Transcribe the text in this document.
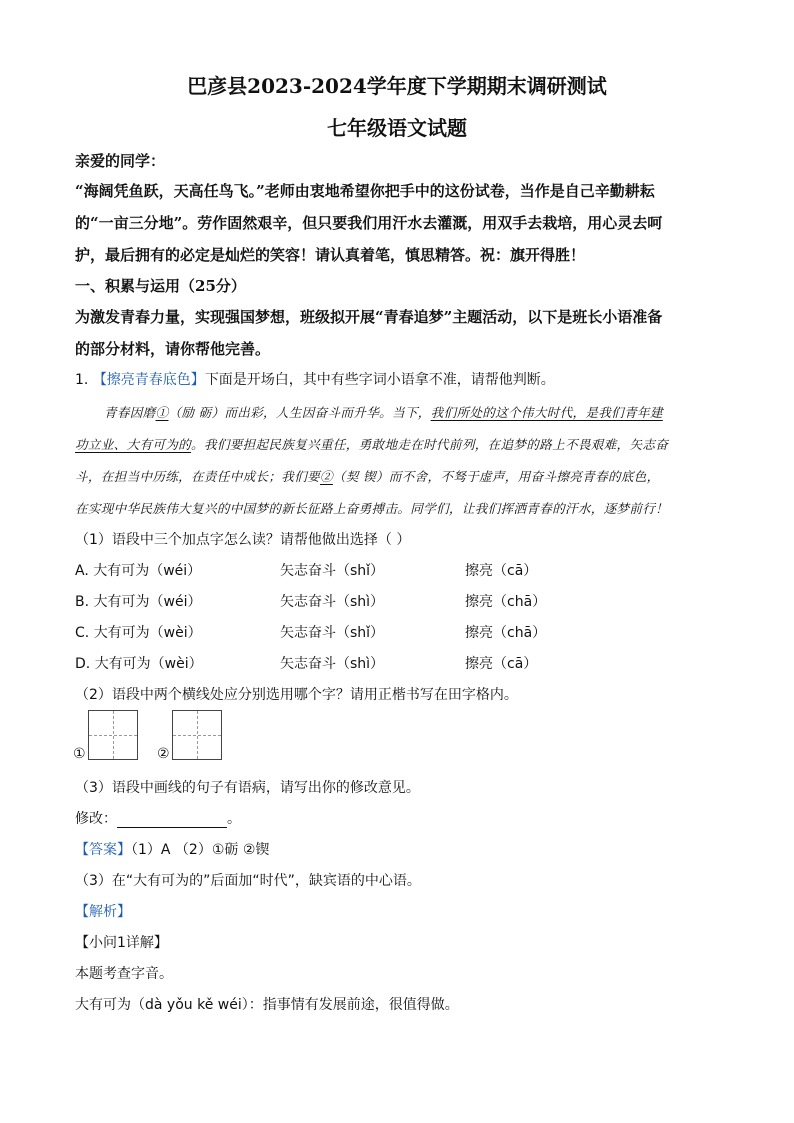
巴彦县2023-2024学年度下学期期末调研测试
七年级语文试题
亲爱的同学：
“海阔凭鱼跃，天高任鸟飞。”老师由衷地希望你把手中的这份试卷，当作是自己辛勤耕耘
的“一亩三分地”。劳作固然艰辛，但只要我们用汗水去灌溉，用双手去栽培，用心灵去呵
护，最后拥有的必定是灿烂的笑容！请认真着笔，慎思精答。祝：旗开得胜！
一、积累与运用（25分）
为激发青春力量，实现强国梦想，班级拟开展“青春追梦”主题活动，以下是班长小语准备
的部分材料，请你帮他完善。
1. 【擦亮青春底色】下面是开场白，其中有些字词小语拿不准，请帮他判断。
青春因磨①（励 砺）而出彩，人生因奋斗而升华。当下，我们所处的这个伟大时代，是我们青年建
功立业、大有可为的。我们要担起民族复兴重任，勇敢地走在时代前列，在追梦的路上不畏艰难，矢志奋
斗，在担当中历练，在责任中成长；我们要②（契 锲）而不舍，不驽于虚声，用奋斗擦亮青春的底色，
在实现中华民族伟大复兴的中国梦的新长征路上奋勇搏击。同学们，让我们挥洒青春的汗水，逐梦前行！
（1）语段中三个加点字怎么读？请帮他做出选择（ ）
A. 大有可为（wéi）	矢志奋斗（shǐ）	擦亮（cā）
B. 大有可为（wéi）	矢志奋斗（shì）	擦亮（chā）
C. 大有可为（wèi）	矢志奋斗（shǐ）	擦亮（chā）
D. 大有可为（wèi）	矢志奋斗（shì）	擦亮（cā）
（2）语段中两个横线处应分别选用哪个字？请用正楷书写在田字格内。
①	②
（3）语段中画线的句子有语病，请写出你的修改意见。
修改：	。
【答案】（1）A （2）①砺 ②锲
（3）在“大有可为的”后面加“时代”，缺宾语的中心语。
【解析】
【小问1详解】
本题考查字音。
大有可为（dà yǒu kě wéi）：指事情有发展前途，很值得做。
